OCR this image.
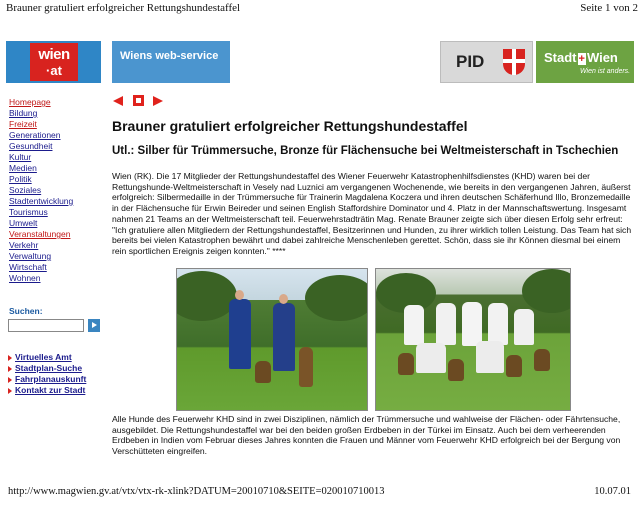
Brauner gratuliert erfolgreicher Rettungshundestaffel	Seite 1 von 2
wien
·at
Wiens web-service	PID	Stadt + Wien
Wien ist anders.
Homepage
Bildung
Freizeit
Generationen
Gesundheit
Kultur
Medien
Politik
Soziales
Stadtentwicklung
Tourismus
Umwelt
Veranstaltungen
Verkehr
Verwaltung
Wirtschaft
Wohnen
Suchen:
Virtuelles Amt
Stadtplan-Suche
Fahrplanauskunft
Kontakt zur Stadt
Brauner gratuliert erfolgreicher Rettungshundestaffel
Utl.: Silber für Trümmersuche, Bronze für Flächensuche bei Weltmeisterschaft in Tschechien

Wien (RK). Die 17 Mitglieder der Rettungshundestaffel des Wiener Feuerwehr Katastrophenhilfsdienstes (KHD) waren bei der Rettungshunde-Weltmeisterschaft in Vesely nad Luznici am vergangenen Wochenende, wie bereits in den vergangenen Jahren, äußerst erfolgreich: Silbermedaille in der Trümmersuche für Trainerin Magdalena Koczera und ihren deutschen Schäferhund Illo, Bronzemedaille in der Flächensuche für Erwin Beireder und seinen English Staffordshire Dominator und 4. Platz in der Mannschaftswertung. Insgesamt nahmen 21 Teams an der Weltmeisterschaft teil. Feuerwehrstadträtin Mag. Renate Brauner zeigte sich über diesen Erfolg sehr erfreut: "Ich gratuliere allen Mitgliedern der Rettungshundestaffel, Besitzerinnen und Hunden, zu ihrer wirklich tollen Leistung. Das Team hat sich bereits bei vielen Katastrophen bewährt und dabei zahlreiche Menschenleben gerettet. Schön, dass sie ihr Können diesmal bei einem rein sportlichen Ereignis zeigen konnten." ****

Alle Hunde des Feuerwehr KHD sind in zwei Disziplinen, nämlich der Trümmersuche und wahlweise der Flächen- oder Fährtensuche, ausgebildet. Die Rettungshundestaffel war bei den beiden großen Erdbeben in der Türkei im Einsatz. Auch bei dem verheerenden Erdbeben in Indien vom Februar dieses Jahres konnten die Frauen und Männer vom Feuerwehr KHD erfolgreich bei der Bergung von Verschütteten eingreifen.

http://www.magwien.gv.at/vtx/vtx-rk-xlink?DATUM=20010710&SEITE=020010710013	10.07.01
